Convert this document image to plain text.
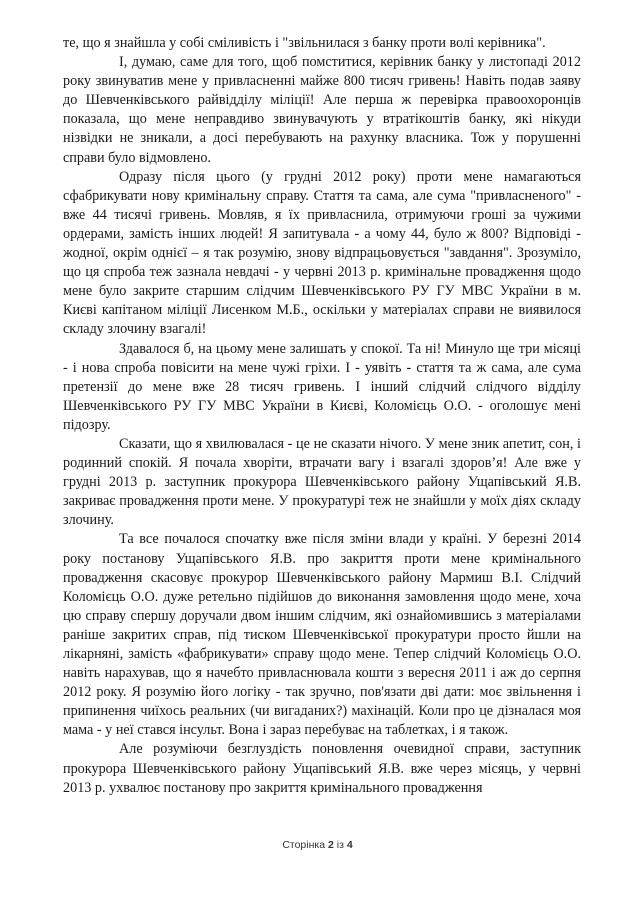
те, що я знайшла у собі сміливість і "звільнилася з банку проти волі керівника".

І, думаю, саме для того, щоб помститися, керівник банку у листопаді 2012 року звинуватив мене у привласненні майже 800 тисяч гривень! Навіть подав заяву до Шевченківського райвідділу міліції! Але перша ж перевірка правоохоронців показала, що мене неправдиво звинувачують у втратікоштів банку, які нікуди нізвідки не зникали, а досі перебувають на рахунку власника. Тож у порушенні справи було відмовлено.

Одразу після цього (у грудні 2012 року) проти мене намагаються сфабрикувати нову кримінальну справу. Стаття та сама, але сума "привласненого" - вже 44 тисячі гривень. Мовляв, я їх привласнила, отримуючи гроші за чужими ордерами, замість інших людей! Я запитувала - а чому 44, було ж 800? Відповіді - жодної, окрім однієї – я так розумію, знову відпрацьовується "завдання". Зрозуміло, що ця спроба теж зазнала невдачі - у червні 2013 р. кримінальне провадження щодо мене було закрите старшим слідчим Шевченківського РУ ГУ МВС України в м. Києві капітаном міліції Лисенком М.Б., оскільки у матеріалах справи не виявилося складу злочину взагалі!

Здавалося б, на цьому мене залишать у спокої. Та ні! Минуло ще три місяці - і нова спроба повісити на мене чужі гріхи. І - уявіть - стаття та ж сама, але сума претензії до мене вже 28 тисяч гривень. І інший слідчий слідчого відділу Шевченківського РУ ГУ МВС України в Києві, Коломієць О.О. - оголошує мені підозру.

Сказати, що я хвилювалася - це не сказати нічого. У мене зник апетит, сон, і родинний спокій. Я почала хворіти, втрачати вагу і взагалі здоров’я! Але вже у грудні 2013 р. заступник прокурора Шевченківського району Ущапівський Я.В. закриває провадження проти мене. У прокуратурі теж не знайшли у моїх діях складу злочину.

Та все почалося спочатку вже після зміни влади у країні. У березні 2014 року постанову Ущапівського Я.В. про закриття проти мене кримінального провадження скасовує прокурор Шевченківського району Мармиш В.І. Слідчий Коломієць О.О. дуже ретельно підійшов до виконання замовлення щодо мене, хоча цю справу спершу доручали двом іншим слідчим, які ознайомившись з матеріалами раніше закритих справ, під тиском Шевченківської прокуратури просто йшли на лікарняні, замість «фабрикувати» справу щодо мене. Тепер слідчий Коломієць О.О. навіть нарахував, що я начебто привласнювала кошти з вересня 2011 і аж до серпня 2012 року. Я розумію його логіку - так зручно, пов'язати дві дати: моє звільнення і припинення чиїхось реальних (чи вигаданих?) махінацій. Коли про це дізналася моя мама - у неї стався інсульт. Вона і зараз перебуває на таблетках, і я також.

Але розуміючи безглуздість поновлення очевидної справи, заступник прокурора Шевченківського району Ущапівський Я.В. вже через місяць, у червні 2013 р. ухвалює постанову про закриття кримінального провадження

Сторінка 2 із 4
